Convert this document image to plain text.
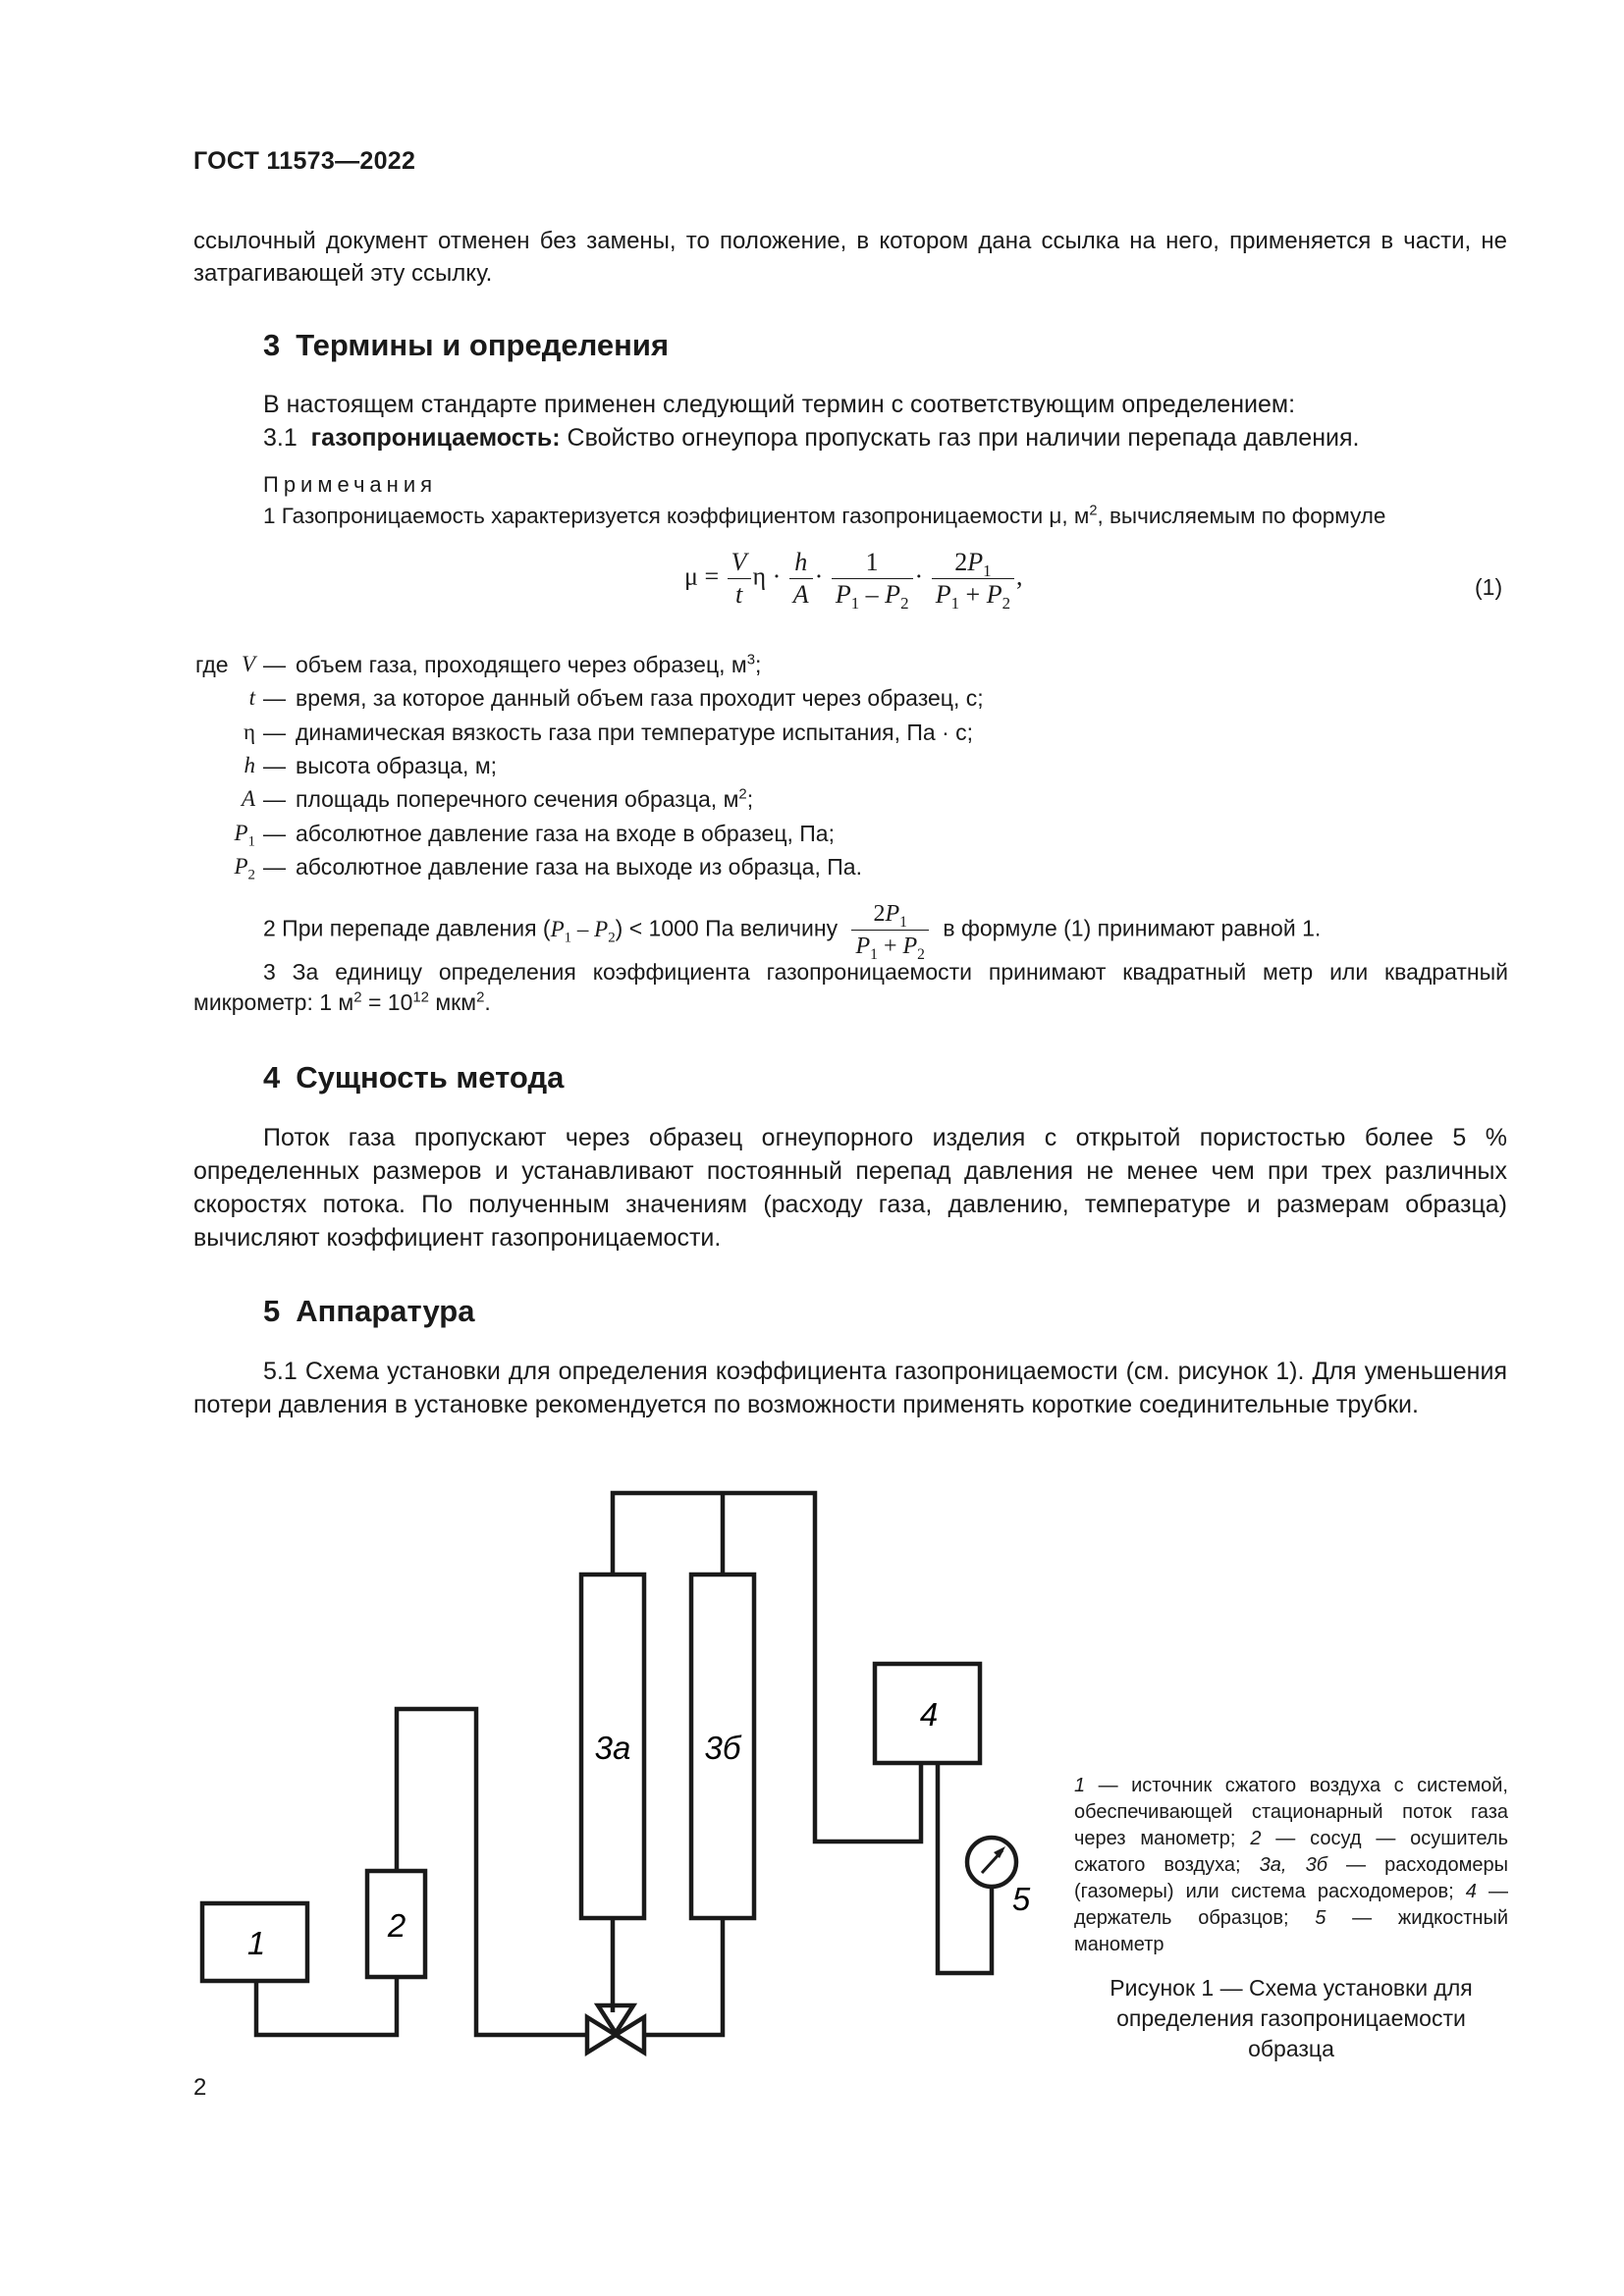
ГОСТ 11573—2022
ссылочный документ отменен без замены, то положение, в котором дана ссылка на него, применяется в части, не
затрагивающей эту ссылку.
3 Термины и определения
В настоящем стандарте применен следующий термин с соответствующим определением:
3.1 газопроницаемость: Свойство огнеупора пропускать газ при наличии перепада давления.
Примечания
1 Газопроницаемость характеризуется коэффициентом газопроницаемости μ, $м^2$, вычисляемым по формуле
$\mu = \frac{V}{t}$ $\eta \cdot \frac{h}{A} \cdot \frac{1}{P_1 - P_2} \cdot \frac{2P_1}{P_1 + P_2}$ ,	(1)
где V — объем газа, проходящего через образец, $м^3$;
t — время, за которое данный объем газа проходит через образец, с;
η — динамическая вязкость газа при температуре испытания, Па · с;
h — высота образца, м;
A — площадь поперечного сечения образца, $м^2$;
$P_1$ — абсолютное давление газа на входе в образец, Па;
$P_2$ — абсолютное давление газа на выходе из образца, Па.
2 При перепаде давления $(P_1 - P_2) < 1000$ Па величину $\frac{2P_1}{P_1 + P_2}$ в формуле (1) принимают равной 1.
3 За единицу определения коэффициента газопроницаемости принимают квадратный метр или квадратный
микрометр: 1 $м^2 = 10^{12}$ мкм$^2$.
4 Сущность метода
Поток газа пропускают через образец огнеупорного изделия с открытой пористостью более 5 % определенных размеров и устанавливают постоянный перепад давления не менее чем при трех различных скоростях потока. По полученным значениям (расходу газа, давлению, температуре и размерам образца) вычисляют коэффициент газопроницаемости.
5 Аппаратура
5.1 Схема установки для определения коэффициента газопроницаемости (см. рисунок 1). Для уменьшения потери давления в установке рекомендуется по возможности применять короткие соединительные трубки.
1	2
3а 3б
4
5
1 — источник сжатого воздуха с системой, обеспечивающей стационарный поток газа через манометр; 2 — сосуд — осушитель сжатого воздуха; 3а, 3б — расходомеры (газомеры) или система расходомеров; 4 — держатель образцов; 5 — жидкостный манометр
Рисунок 1 — Схема установки для определения газопроницаемости образца
2
